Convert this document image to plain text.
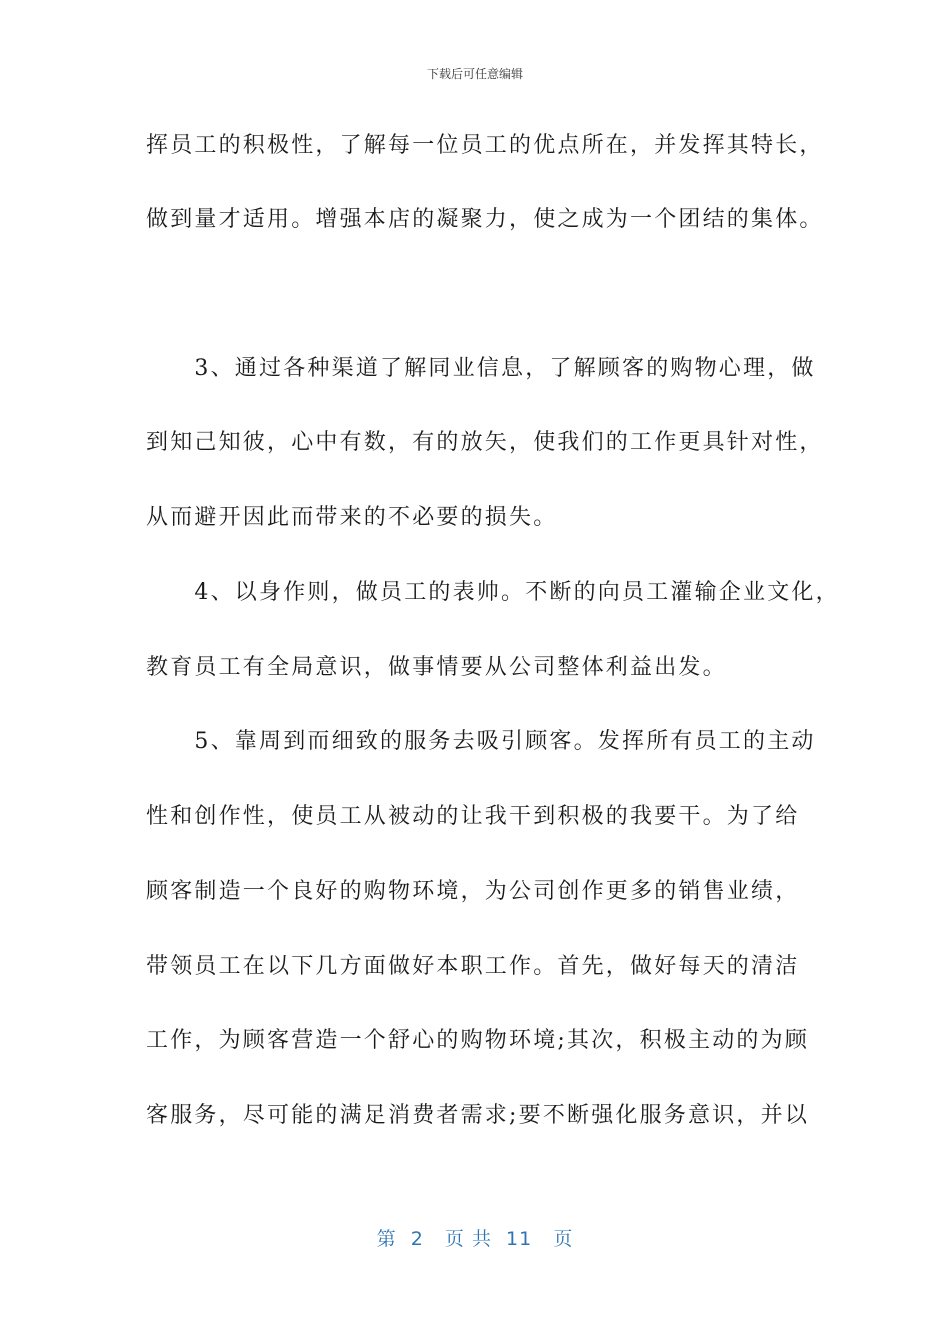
下载后可任意编辑
挥员工的积极性，了解每一位员工的优点所在，并发挥其特长，
做到量才适用。增强本店的凝聚力，使之成为一个团结的集体。
　　3、通过各种渠道了解同业信息，了解顾客的购物心理，做
到知己知彼，心中有数，有的放矢，使我们的工作更具针对性，
从而避开因此而带来的不必要的损失。
　　4、以身作则，做员工的表帅。不断的向员工灌输企业文化，
教育员工有全局意识，做事情要从公司整体利益出发。
　　5、靠周到而细致的服务去吸引顾客。发挥所有员工的主动
性和创作性，使员工从被动的让我干到积极的我要干。为了给
顾客制造一个良好的购物环境，为公司创作更多的销售业绩，
带领员工在以下几方面做好本职工作。首先，做好每天的清洁
工作，为顾客营造一个舒心的购物环境;其次，积极主动的为顾
客服务，尽可能的满足消费者需求;要不断强化服务意识，并以
第  2   页 共  11   页
